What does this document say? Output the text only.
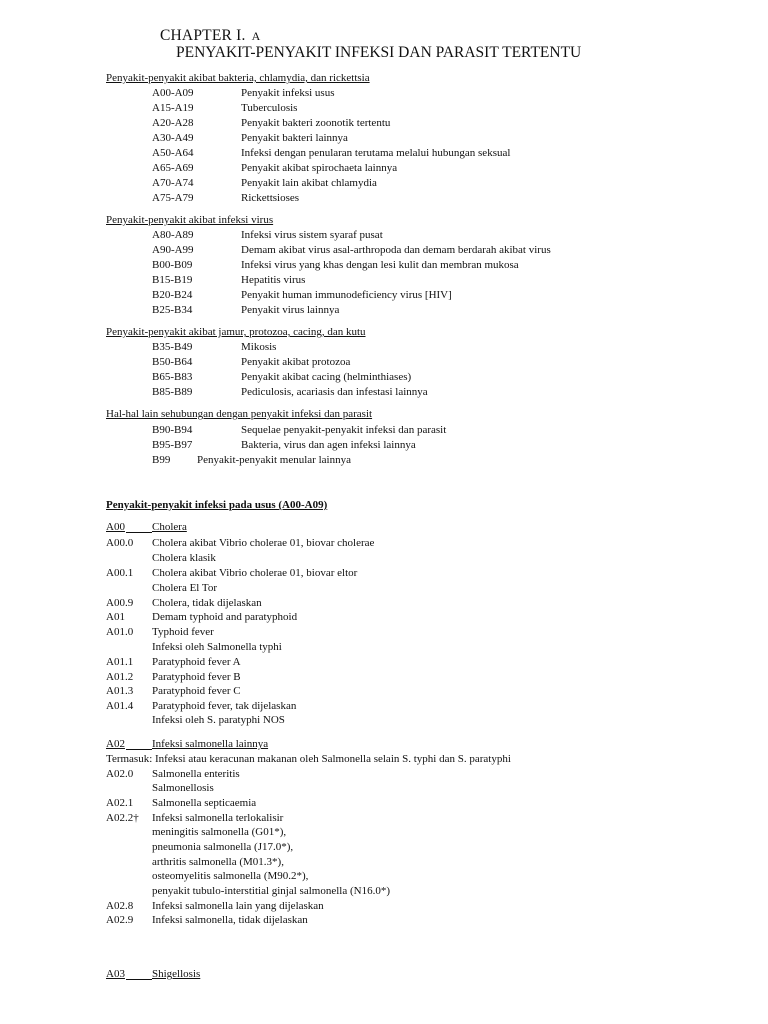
CHAPTER I. A
PENYAKIT-PENYAKIT INFEKSI DAN PARASIT TERTENTU
Penyakit-penyakit akibat bakteria, chlamydia, dan rickettsia
A00-A09	Penyakit infeksi usus
A15-A19	Tuberculosis
A20-A28	Penyakit bakteri zoonotik tertentu
A30-A49	Penyakit bakteri lainnya
A50-A64	Infeksi dengan penularan terutama melalui hubungan seksual
A65-A69	Penyakit akibat spirochaeta lainnya
A70-A74	Penyakit lain akibat chlamydia
A75-A79	Rickettsioses
Penyakit-penyakit akibat infeksi virus
A80-A89	Infeksi virus sistem syaraf pusat
A90-A99	Demam akibat virus asal-arthropoda dan demam berdarah akibat virus
B00-B09	Infeksi virus yang khas dengan lesi kulit dan membran mukosa
B15-B19	Hepatitis virus
B20-B24	Penyakit human immunodeficiency virus [HIV]
B25-B34	Penyakit virus lainnya
Penyakit-penyakit akibat jamur, protozoa, cacing, dan kutu
B35-B49	Mikosis
B50-B64	Penyakit akibat protozoa
B65-B83	Penyakit akibat cacing (helminthiases)
B85-B89	Pediculosis, acariasis dan infestasi lainnya
Hal-hal lain sehubungan dengan penyakit infeksi dan parasit
B90-B94	Sequelae penyakit-penyakit infeksi dan parasit
B95-B97	Bakteria, virus dan agen infeksi lainnya
B99 Penyakit-penyakit menular lainnya
Penyakit-penyakit infeksi pada usus (A00-A09)
A00	Cholera
A00.0 Cholera akibat Vibrio cholerae 01, biovar cholerae
Cholera klasik
A00.1 Cholera akibat Vibrio cholerae 01, biovar eltor
Cholera El Tor
A00.9 Cholera, tidak dijelaskan
A01 Demam typhoid and paratyphoid
A01.0 Typhoid fever
Infeksi oleh Salmonella typhi
A01.1 Paratyphoid fever A
A01.2 Paratyphoid fever B
A01.3 Paratyphoid fever C
A01.4 Paratyphoid fever, tak dijelaskan
Infeksi oleh S. paratyphi NOS
A02 Infeksi salmonella lainnya
Termasuk: Infeksi atau keracunan makanan oleh Salmonella selain S. typhi dan S. paratyphi
A02.0 Salmonella enteritis
Salmonellosis
A02.1 Salmonella septicaemia
A02.2† Infeksi salmonella terlokalisir
meningitis salmonella (G01*),
pneumonia salmonella (J17.0*),
arthritis salmonella (M01.3*),
osteomyelitis salmonella (M90.2*),
penyakit tubulo-interstitial ginjal salmonella (N16.0*)
A02.8 Infeksi salmonella lain yang dijelaskan
A02.9 Infeksi salmonella, tidak dijelaskan
A03 Shigellosis
